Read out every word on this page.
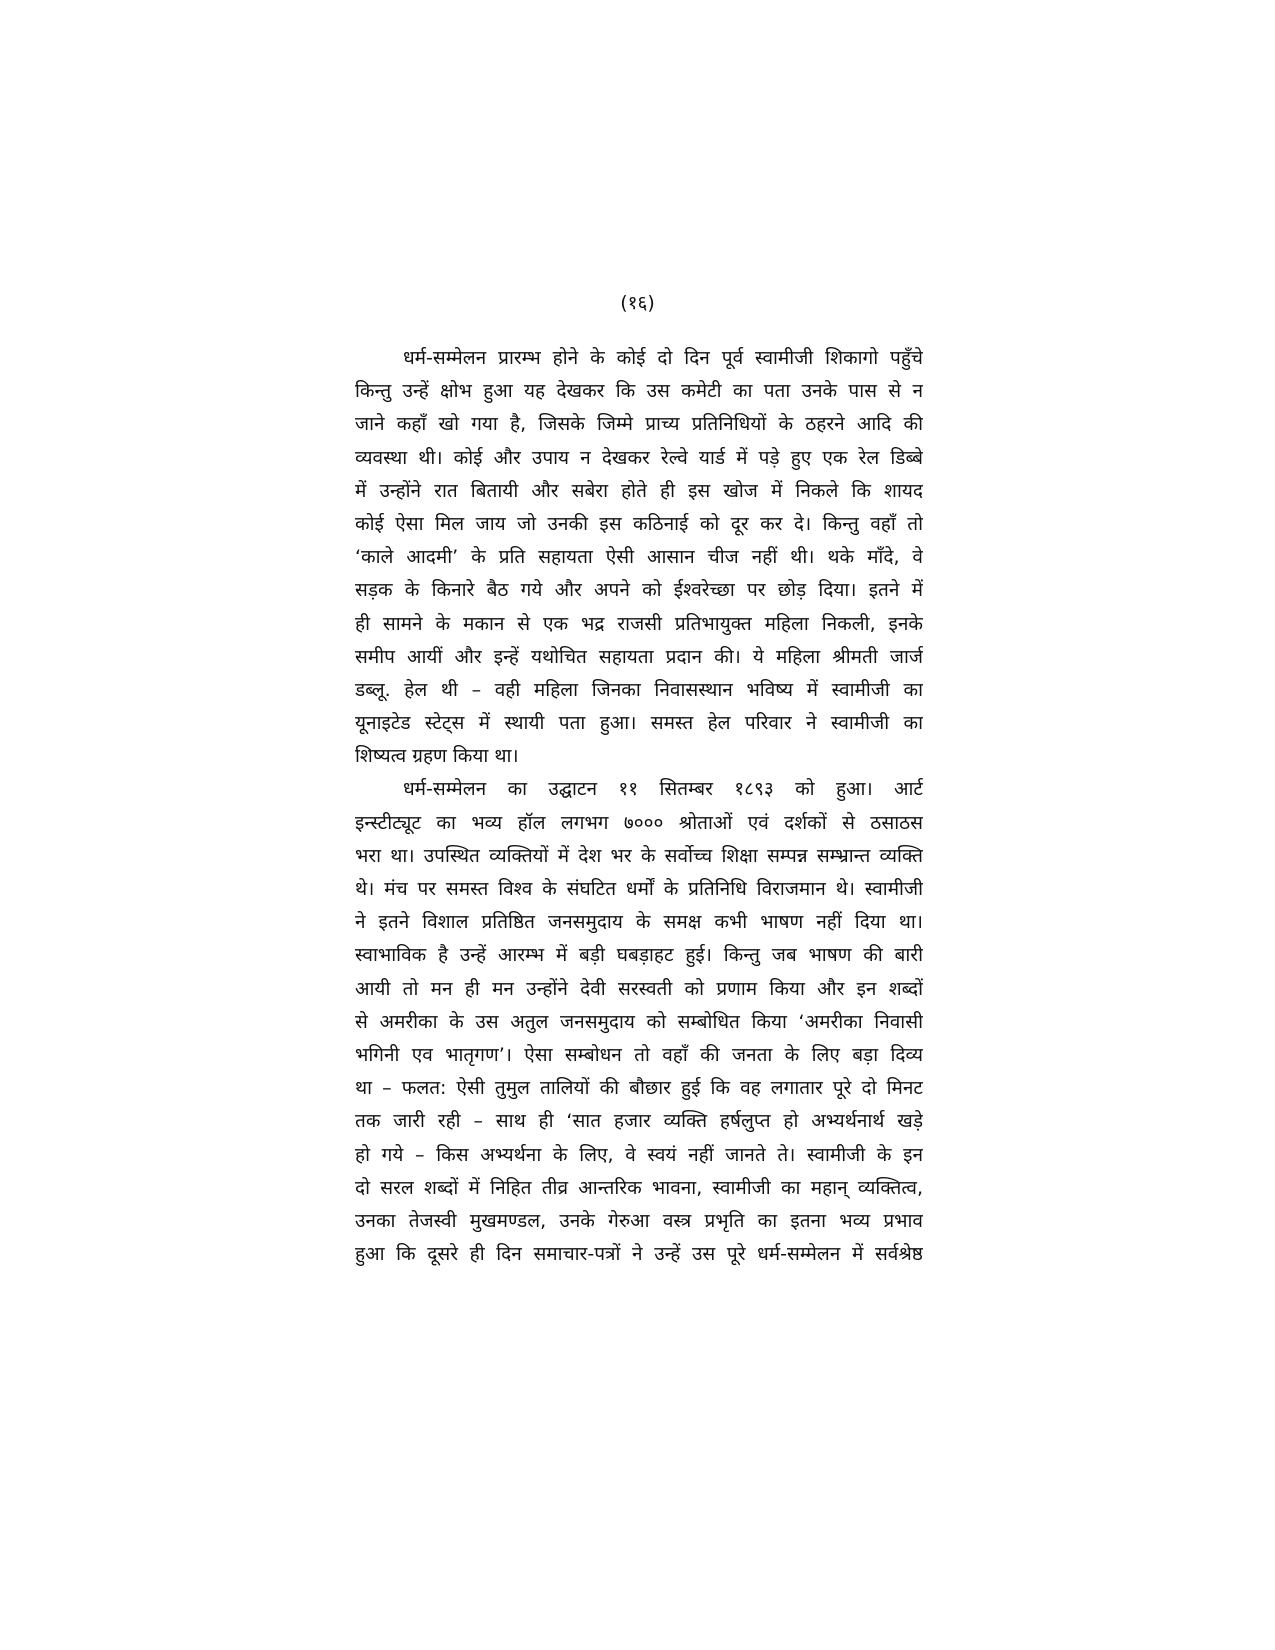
(१६)
धर्म-सम्मेलन प्रारम्भ होने के कोई दो दिन पूर्व स्वामीजी शिकागो पहुँचे
किन्तु उन्हें क्षोभ हुआ यह देखकर कि उस कमेटी का पता उनके पास से न
जाने कहाँ खो गया है, जिसके जिम्मे प्राच्य प्रतिनिधियों के ठहरने आदि की
व्यवस्था थी। कोई और उपाय न देखकर रेल्वे यार्ड में पड़े हुए एक रेल डिब्बे
में उन्होंने रात बितायी और सबेरा होते ही इस खोज में निकले कि शायद
कोई ऐसा मिल जाय जो उनकी इस कठिनाई को दूर कर दे। किन्तु वहाँ तो
‘काले आदमी’ के प्रति सहायता ऐसी आसान चीज नहीं थी। थके माँदे, वे
सड़क के किनारे बैठ गये और अपने को ईश्वरेच्छा पर छोड़ दिया। इतने में
ही सामने के मकान से एक भद्र राजसी प्रतिभायुक्त महिला निकली, इनके
समीप आयीं और इन्हें यथोचित सहायता प्रदान की। ये महिला श्रीमती जार्ज
डब्लू. हेल थी – वही महिला जिनका निवासस्थान भविष्य में स्वामीजी का
यूनाइटेड स्टेट्स में स्थायी पता हुआ। समस्त हेल परिवार ने स्वामीजी का
शिष्यत्व ग्रहण किया था।
धर्म-सम्मेलन का उद्घाटन ११ सितम्बर १८९३ को हुआ। आर्ट
इन्स्टीट्यूट का भव्य हॉल लगभग ७००० श्रोताओं एवं दर्शकों से ठसाठस
भरा था। उपस्थित व्यक्तियों में देश भर के सर्वोच्च शिक्षा सम्पन्न सम्भ्रान्त व्यक्ति
थे। मंच पर समस्त विश्व के संघटित धर्मों के प्रतिनिधि विराजमान थे। स्वामीजी
ने इतने विशाल प्रतिष्ठित जनसमुदाय के समक्ष कभी भाषण नहीं दिया था।
स्वाभाविक है उन्हें आरम्भ में बड़ी घबड़ाहट हुई। किन्तु जब भाषण की बारी
आयी तो मन ही मन उन्होंने देवी सरस्वती को प्रणाम किया और इन शब्दों
से अमरीका के उस अतुल जनसमुदाय को सम्बोधित किया ‘अमरीका निवासी
भगिनी एव भातृगण’। ऐसा सम्बोधन तो वहाँ की जनता के लिए बड़ा दिव्य
था – फलत: ऐसी तुमुल तालियों की बौछार हुई कि वह लगातार पूरे दो मिनट
तक जारी रही – साथ ही ‘सात हजार व्यक्ति हर्षलुप्त हो अभ्यर्थनार्थ खड़े
हो गये – किस अभ्यर्थना के लिए, वे स्वयं नहीं जानते ते। स्वामीजी के इन
दो सरल शब्दों में निहित तीव्र आन्तरिक भावना, स्वामीजी का महान् व्यक्तित्व,
उनका तेजस्वी मुखमण्डल, उनके गेरुआ वस्त्र प्रभृति का इतना भव्य प्रभाव
हुआ कि दूसरे ही दिन समाचार-पत्रों ने उन्हें उस पूरे धर्म-सम्मेलन में सर्वश्रेष्ठ
